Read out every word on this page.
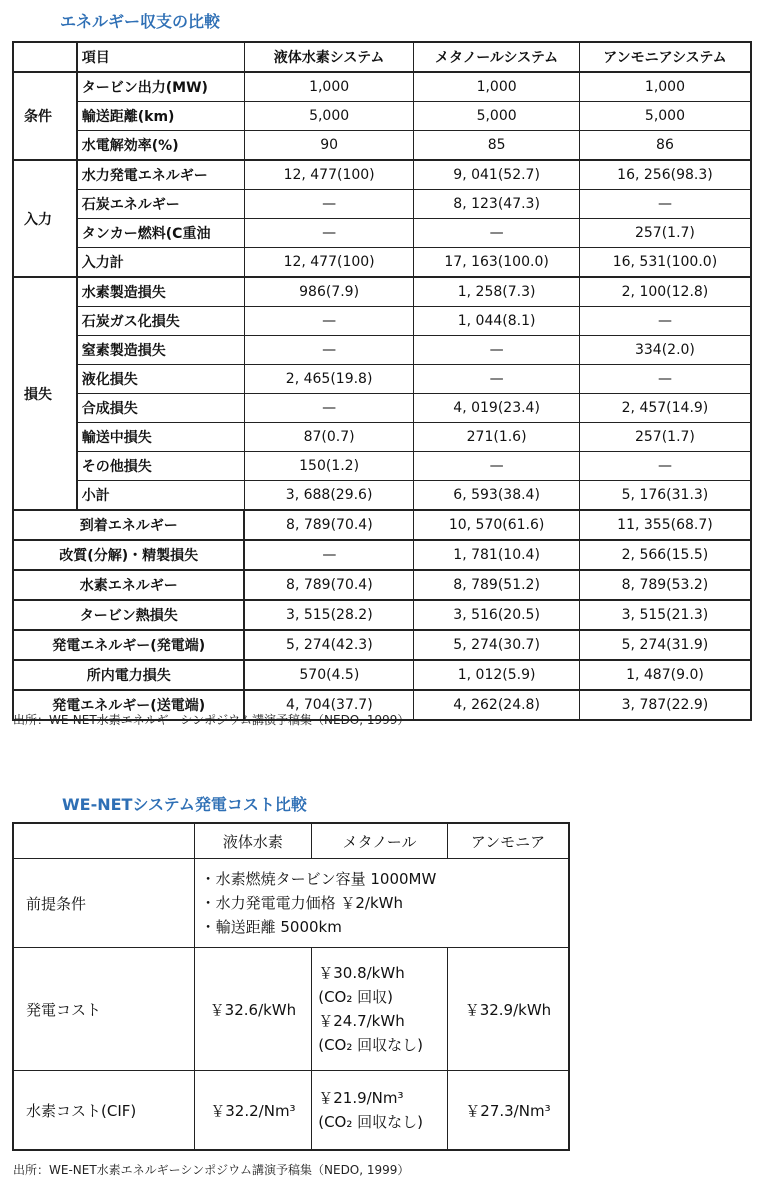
エネルギー収支の比較
	項目	液体水素システム	メタノールシステム	アンモニアシステム
条件	タービン出力(MW)	1,000	1,000	1,000
	輸送距離(km)	5,000	5,000	5,000
	水電解効率(%)	90	85	86
入力	水力発電エネルギー	12, 477(100)	9, 041(52.7)	16, 256(98.3)
	石炭エネルギー	—	8, 123(47.3)	—
	タンカー燃料(C重油	—	—	257(1.7)
	入力計	12, 477(100)	17, 163(100.0)	16, 531(100.0)
損失	水素製造損失	986(7.9)	1, 258(7.3)	2, 100(12.8)
	石炭ガス化損失	—	1, 044(8.1)	—
	窒素製造損失	—	—	334(2.0)
	液化損失	2, 465(19.8)	—	—
	合成損失	—	4, 019(23.4)	2, 457(14.9)
	輸送中損失	87(0.7)	271(1.6)	257(1.7)
	その他損失	150(1.2)	—	—
	小計	3, 688(29.6)	6, 593(38.4)	5, 176(31.3)
到着エネルギー		8, 789(70.4)	10, 570(61.6)	11, 355(68.7)
改質(分解)・精製損失		—	1, 781(10.4)	2, 566(15.5)
水素エネルギー		8, 789(70.4)	8, 789(51.2)	8, 789(53.2)
タービン熱損失		3, 515(28.2)	3, 516(20.5)	3, 515(21.3)
発電エネルギー(発電端)		5, 274(42.3)	5, 274(30.7)	5, 274(31.9)
所内電力損失		570(4.5)	1, 012(5.9)	1, 487(9.0)
発電エネルギー(送電端)		4, 704(37.7)	4, 262(24.8)	3, 787(22.9)
出所：WE-NET水素エネルギーシンポジウム講演予稿集（NEDO, 1999）
WE-NETシステム発電コスト比較
	液体水素	メタノール	アンモニア
前提条件	・水素燃焼タービン容量 1000MW
・水力発電電力価格 ￥2/kWh
・輸送距離 5000km		

発電コスト	￥32.6/kWh	￥30.8/kWh
(CO₂ 回収)
￥24.7/kWh
(CO₂ 回収なし)	￥32.9/kWh
水素コスト(CIF)	￥32.2/Nm³	￥21.9/Nm³
(CO₂ 回収なし)	￥27.3/Nm³
出所：WE-NET水素エネルギーシンポジウム講演予稿集（NEDO, 1999）
